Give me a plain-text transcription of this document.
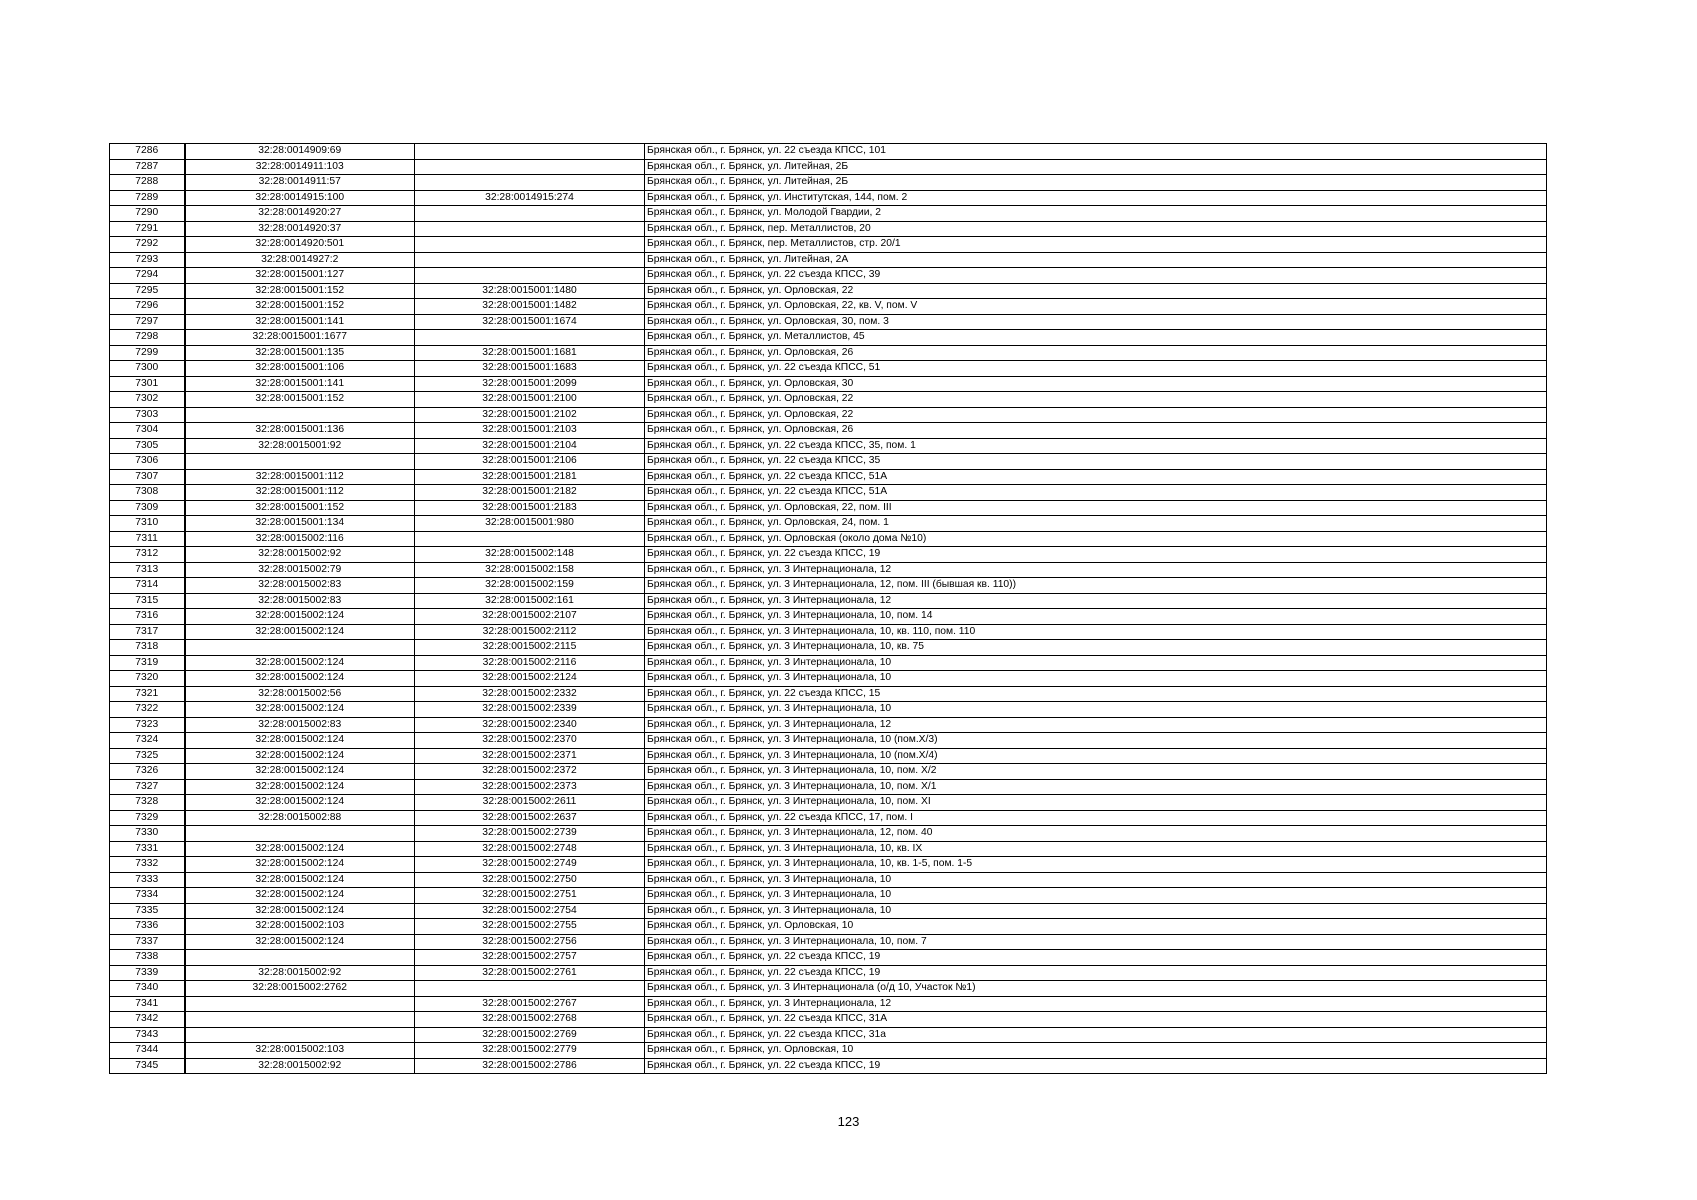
7286	32:28:0014909:69		Брянская обл., г. Брянск, ул. 22 съезда КПСС, 101
7287	32:28:0014911:103		Брянская обл., г. Брянск, ул. Литейная, 2Б
7288	32:28:0014911:57		Брянская обл., г. Брянск, ул. Литейная, 2Б
7289	32:28:0014915:100	32:28:0014915:274	Брянская обл., г. Брянск, ул. Институтская, 144, пом. 2
7290	32:28:0014920:27		Брянская обл., г. Брянск, ул. Молодой Гвардии, 2
7291	32:28:0014920:37		Брянская обл., г. Брянск, пер. Металлистов, 20
7292	32:28:0014920:501		Брянская обл., г. Брянск, пер. Металлистов, стр. 20/1
7293	32:28:0014927:2		Брянская обл., г. Брянск, ул. Литейная, 2А
7294	32:28:0015001:127		Брянская обл., г. Брянск, ул. 22 съезда КПСС, 39
7295	32:28:0015001:152	32:28:0015001:1480	Брянская обл., г. Брянск, ул. Орловская, 22
7296	32:28:0015001:152	32:28:0015001:1482	Брянская обл., г. Брянск, ул. Орловская, 22, кв. V, пом. V
7297	32:28:0015001:141	32:28:0015001:1674	Брянская обл., г. Брянск, ул. Орловская, 30, пом. 3
7298	32:28:0015001:1677		Брянская обл., г. Брянск, ул. Металлистов, 45
7299	32:28:0015001:135	32:28:0015001:1681	Брянская обл., г. Брянск, ул. Орловская, 26
7300	32:28:0015001:106	32:28:0015001:1683	Брянская обл., г. Брянск, ул. 22 съезда КПСС, 51
7301	32:28:0015001:141	32:28:0015001:2099	Брянская обл., г. Брянск, ул. Орловская, 30
7302	32:28:0015001:152	32:28:0015001:2100	Брянская обл., г. Брянск, ул. Орловская, 22
7303		32:28:0015001:2102	Брянская обл., г. Брянск, ул. Орловская, 22
7304	32:28:0015001:136	32:28:0015001:2103	Брянская обл., г. Брянск, ул. Орловская, 26
7305	32:28:0015001:92	32:28:0015001:2104	Брянская обл., г. Брянск, ул. 22 съезда КПСС, 35, пом. 1
7306		32:28:0015001:2106	Брянская обл., г. Брянск, ул. 22 съезда КПСС, 35
7307	32:28:0015001:112	32:28:0015001:2181	Брянская обл., г. Брянск, ул. 22 съезда КПСС, 51А
7308	32:28:0015001:112	32:28:0015001:2182	Брянская обл., г. Брянск, ул. 22 съезда КПСС, 51А
7309	32:28:0015001:152	32:28:0015001:2183	Брянская обл., г. Брянск, ул. Орловская, 22, пом. III
7310	32:28:0015001:134	32:28:0015001:980	Брянская обл., г. Брянск, ул. Орловская, 24, пом. 1
7311	32:28:0015002:116		Брянская обл., г. Брянск, ул. Орловская (около дома №10)
7312	32:28:0015002:92	32:28:0015002:148	Брянская обл., г. Брянск, ул. 22 съезда КПСС, 19
7313	32:28:0015002:79	32:28:0015002:158	Брянская обл., г. Брянск, ул. 3 Интернационала, 12
7314	32:28:0015002:83	32:28:0015002:159	Брянская обл., г. Брянск, ул. 3 Интернационала, 12, пом. III (бывшая кв. 110))
7315	32:28:0015002:83	32:28:0015002:161	Брянская обл., г. Брянск, ул. 3 Интернационала, 12
7316	32:28:0015002:124	32:28:0015002:2107	Брянская обл., г. Брянск, ул. 3 Интернационала, 10, пом. 14
7317	32:28:0015002:124	32:28:0015002:2112	Брянская обл., г. Брянск, ул. 3 Интернационала, 10, кв. 110, пом. 110
7318		32:28:0015002:2115	Брянская обл., г. Брянск, ул. 3 Интернационала, 10, кв. 75
7319	32:28:0015002:124	32:28:0015002:2116	Брянская обл., г. Брянск, ул. 3 Интернационала, 10
7320	32:28:0015002:124	32:28:0015002:2124	Брянская обл., г. Брянск, ул. 3 Интернационала, 10
7321	32:28:0015002:56	32:28:0015002:2332	Брянская обл., г. Брянск, ул. 22 съезда КПСС, 15
7322	32:28:0015002:124	32:28:0015002:2339	Брянская обл., г. Брянск, ул. 3 Интернационала, 10
7323	32:28:0015002:83	32:28:0015002:2340	Брянская обл., г. Брянск, ул. 3 Интернационала, 12
7324	32:28:0015002:124	32:28:0015002:2370	Брянская обл., г. Брянск, ул. 3 Интернационала, 10 (пом.Х/3)
7325	32:28:0015002:124	32:28:0015002:2371	Брянская обл., г. Брянск, ул. 3 Интернационала, 10 (пом.Х/4)
7326	32:28:0015002:124	32:28:0015002:2372	Брянская обл., г. Брянск, ул. 3 Интернационала, 10, пом. Х/2
7327	32:28:0015002:124	32:28:0015002:2373	Брянская обл., г. Брянск, ул. 3 Интернационала, 10, пом. Х/1
7328	32:28:0015002:124	32:28:0015002:2611	Брянская обл., г. Брянск, ул. 3 Интернационала, 10, пом. XI
7329	32:28:0015002:88	32:28:0015002:2637	Брянская обл., г. Брянск, ул. 22 съезда КПСС, 17, пом. I
7330		32:28:0015002:2739	Брянская обл., г. Брянск, ул. 3 Интернационала, 12, пом. 40
7331	32:28:0015002:124	32:28:0015002:2748	Брянская обл., г. Брянск, ул. 3 Интернационала, 10, кв. IX
7332	32:28:0015002:124	32:28:0015002:2749	Брянская обл., г. Брянск, ул. 3 Интернационала, 10, кв. 1-5, пом. 1-5
7333	32:28:0015002:124	32:28:0015002:2750	Брянская обл., г. Брянск, ул. 3 Интернационала, 10
7334	32:28:0015002:124	32:28:0015002:2751	Брянская обл., г. Брянск, ул. 3 Интернационала, 10
7335	32:28:0015002:124	32:28:0015002:2754	Брянская обл., г. Брянск, ул. 3 Интернационала, 10
7336	32:28:0015002:103	32:28:0015002:2755	Брянская обл., г. Брянск, ул. Орловская, 10
7337	32:28:0015002:124	32:28:0015002:2756	Брянская обл., г. Брянск, ул. 3 Интернационала, 10, пом. 7
7338		32:28:0015002:2757	Брянская обл., г. Брянск, ул. 22 съезда КПСС, 19
7339	32:28:0015002:92	32:28:0015002:2761	Брянская обл., г. Брянск, ул. 22 съезда КПСС, 19
7340	32:28:0015002:2762		Брянская обл., г. Брянск, ул. 3 Интернационала (о/д 10, Участок №1)
7341		32:28:0015002:2767	Брянская обл., г. Брянск, ул. 3 Интернационала, 12
7342		32:28:0015002:2768	Брянская обл., г. Брянск, ул. 22 съезда КПСС, 31А
7343		32:28:0015002:2769	Брянская обл., г. Брянск, ул. 22 съезда КПСС, 31а
7344	32:28:0015002:103	32:28:0015002:2779	Брянская обл., г. Брянск, ул. Орловская, 10
7345	32:28:0015002:92	32:28:0015002:2786	Брянская обл., г. Брянск, ул. 22 съезда КПСС, 19
123
